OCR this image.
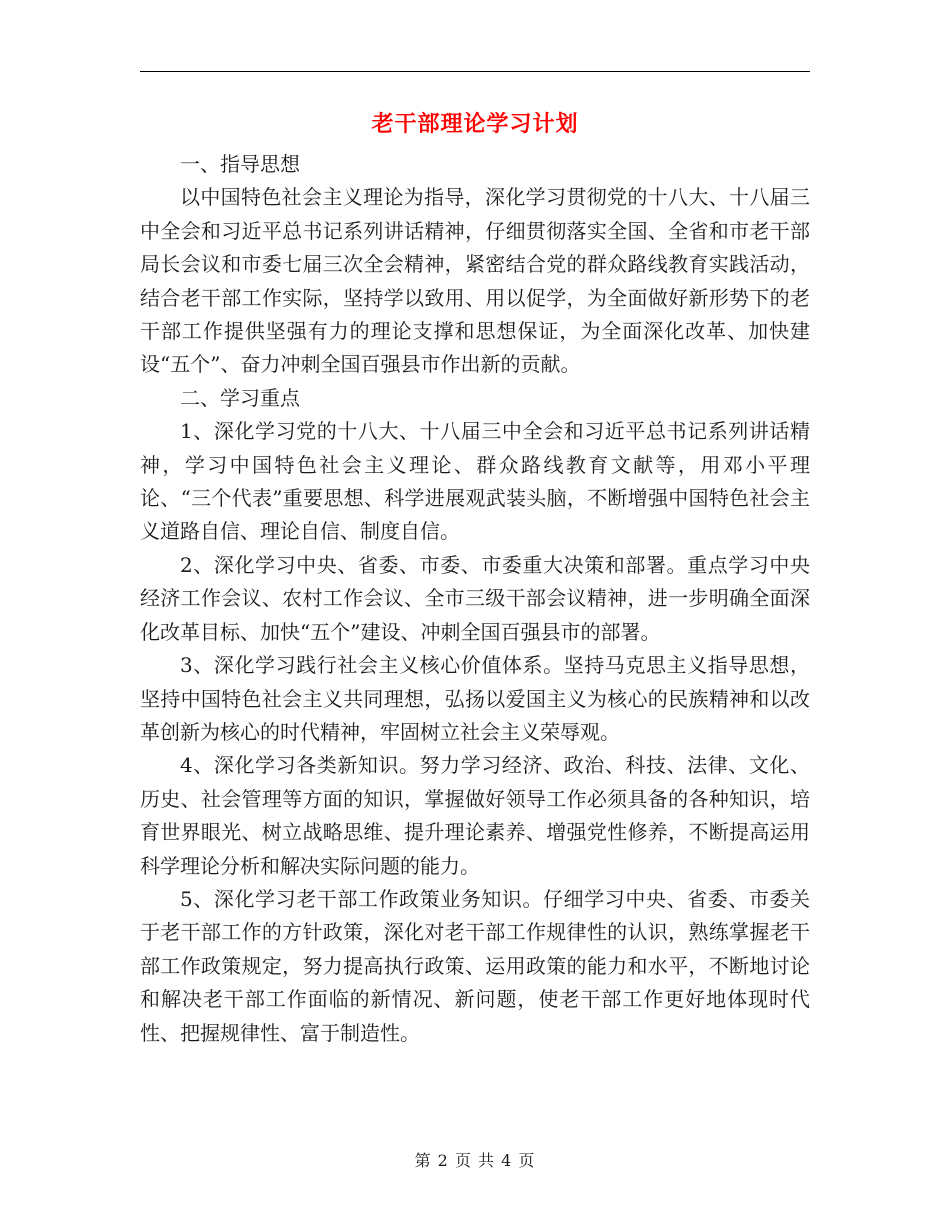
老干部理论学习计划

一、指导思想

以中国特色社会主义理论为指导，深化学习贯彻党的十八大、十八届三中全会和习近平总书记系列讲话精神，仔细贯彻落实全国、全省和市老干部局长会议和市委七届三次全会精神，紧密结合党的群众路线教育实践活动，结合老干部工作实际，坚持学以致用、用以促学，为全面做好新形势下的老干部工作提供坚强有力的理论支撑和思想保证，为全面深化改革、加快建设“五个”、奋力冲刺全国百强县市作出新的贡献。

二、学习重点

1、深化学习党的十八大、十八届三中全会和习近平总书记系列讲话精神，学习中国特色社会主义理论、群众路线教育文献等，用邓小平理论、“三个代表”重要思想、科学进展观武装头脑，不断增强中国特色社会主义道路自信、理论自信、制度自信。

2、深化学习中央、省委、市委、市委重大决策和部署。重点学习中央经济工作会议、农村工作会议、全市三级干部会议精神，进一步明确全面深化改革目标、加快“五个”建设、冲刺全国百强县市的部署。

3、深化学习践行社会主义核心价值体系。坚持马克思主义指导思想，坚持中国特色社会主义共同理想，弘扬以爱国主义为核心的民族精神和以改革创新为核心的时代精神，牢固树立社会主义荣辱观。

4、深化学习各类新知识。努力学习经济、政治、科技、法律、文化、历史、社会管理等方面的知识，掌握做好领导工作必须具备的各种知识，培育世界眼光、树立战略思维、提升理论素养、增强党性修养，不断提高运用科学理论分析和解决实际问题的能力。

5、深化学习老干部工作政策业务知识。仔细学习中央、省委、市委关于老干部工作的方针政策，深化对老干部工作规律性的认识，熟练掌握老干部工作政策规定，努力提高执行政策、运用政策的能力和水平，不断地讨论和解决老干部工作面临的新情况、新问题，使老干部工作更好地体现时代性、把握规律性、富于制造性。

第 2 页 共 4 页
